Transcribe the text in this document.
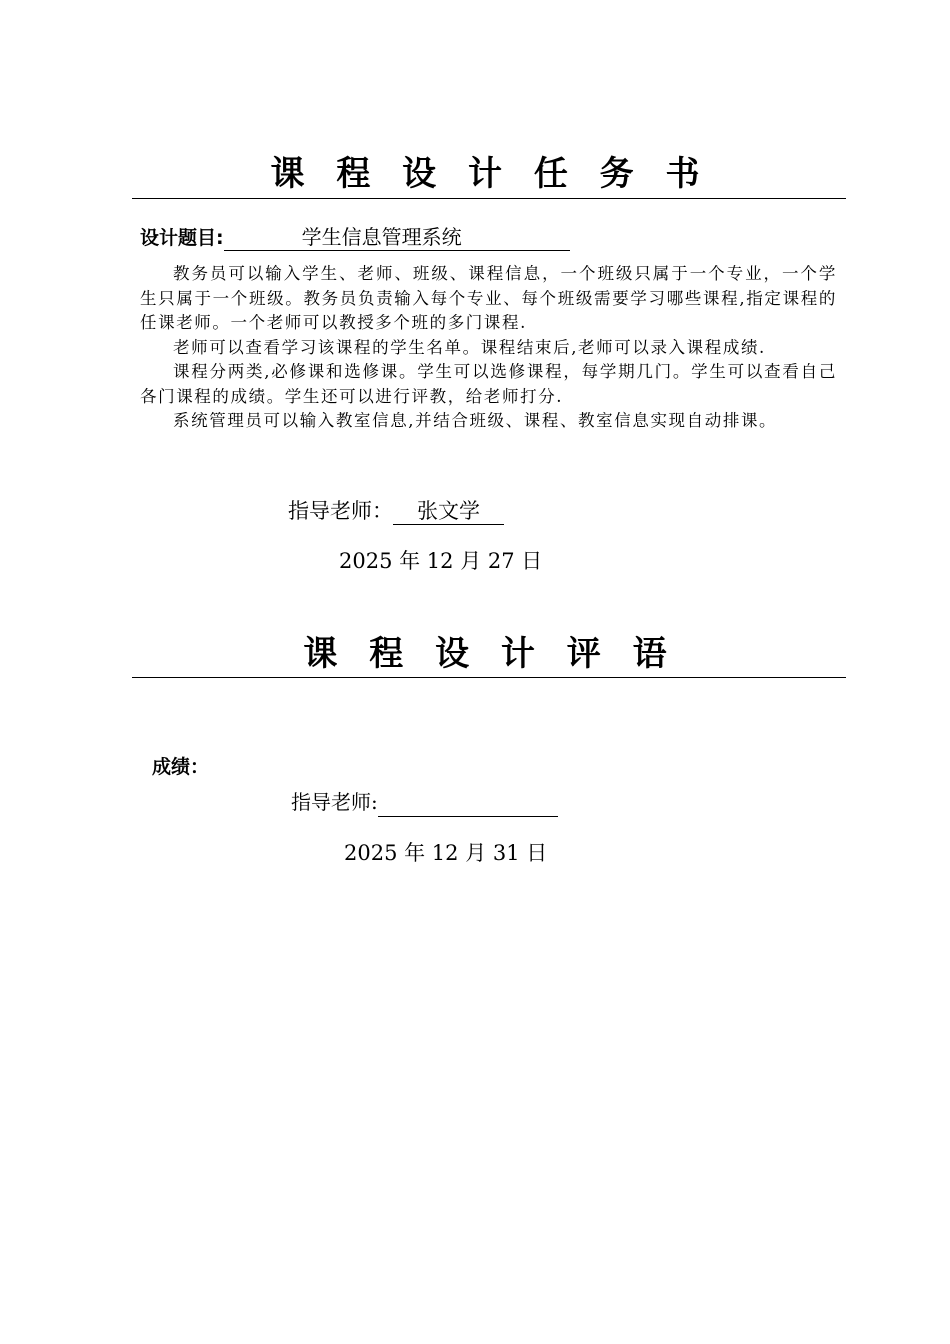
课 程 设 计 任 务 书
设计题目:	学生信息管理系统

教务员可以输入学生、老师、班级、课程信息，一个班级只属于一个专业，一个学生只属于一个班级。教务员负责输入每个专业、每个班级需要学习哪些课程,指定课程的任课老师。一个老师可以教授多个班的多门课程.

老师可以查看学习该课程的学生名单。课程结束后,老师可以录入课程成绩.

课程分两类,必修课和选修课。学生可以选修课程，每学期几门。学生可以查看自己各门课程的成绩。学生还可以进行评教，给老师打分.

系统管理员可以输入教室信息,并结合班级、课程、教室信息实现自动排课。

指导老师： 张文学
2025 年 12 月 27 日
课 程 设 计 评 语
成绩：
指导老师:
2025 年 12 月 31 日
